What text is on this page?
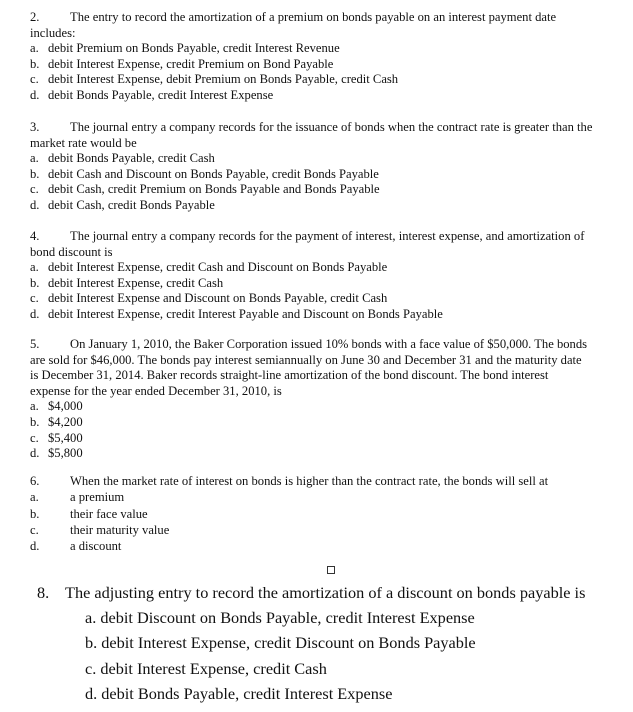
2. The entry to record the amortization of a premium on bonds payable on an interest payment date
includes:
a. debit Premium on Bonds Payable, credit Interest Revenue
b. debit Interest Expense, credit Premium on Bond Payable
c. debit Interest Expense, debit Premium on Bonds Payable, credit Cash
d. debit Bonds Payable, credit Interest Expense
3. The journal entry a company records for the issuance of bonds when the contract rate is greater than the
market rate would be
a. debit Bonds Payable, credit Cash
b. debit Cash and Discount on Bonds Payable, credit Bonds Payable
c. debit Cash, credit Premium on Bonds Payable and Bonds Payable
d. debit Cash, credit Bonds Payable
4. The journal entry a company records for the payment of interest, interest expense, and amortization of
bond discount is
a. debit Interest Expense, credit Cash and Discount on Bonds Payable
b. debit Interest Expense, credit Cash
c. debit Interest Expense and Discount on Bonds Payable, credit Cash
d. debit Interest Expense, credit Interest Payable and Discount on Bonds Payable
5. On January 1, 2010, the Baker Corporation issued 10% bonds with a face value of $50,000. The bonds
are sold for $46,000. The bonds pay interest semiannually on June 30 and December 31 and the maturity date
is December 31, 2014. Baker records straight-line amortization of the bond discount. The bond interest
expense for the year ended December 31, 2010, is
a. $4,000
b. $4,200
c. $5,400
d. $5,800
6.	When the market rate of interest on bonds is higher than the contract rate, the bonds will sell at
a.	a premium
b.	their face value
c.	their maturity value
d.	a discount
8. The adjusting entry to record the amortization of a discount on bonds payable is
a. debit Discount on Bonds Payable, credit Interest Expense
b. debit Interest Expense, credit Discount on Bonds Payable
c. debit Interest Expense, credit Cash
d. debit Bonds Payable, credit Interest Expense
